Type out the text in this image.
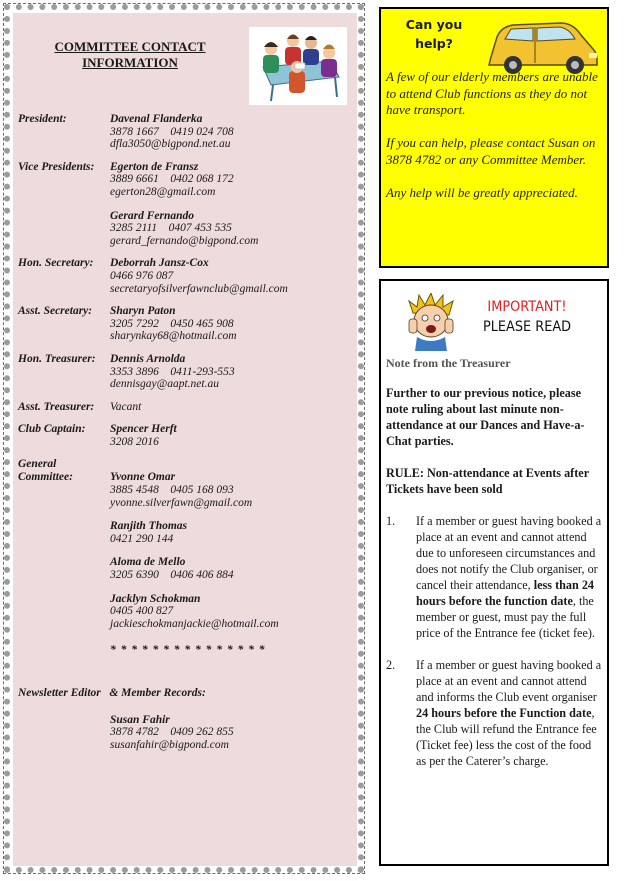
COMMITTEE CONTACT
INFORMATION
President:	Davenal Flanderka
3878 1667    0419 024 708
dfla3050@bigpond.net.au
Vice Presidents:	Egerton de Fransz
3889 6661    0402 068 172
egerton28@gmail.com
Gerard Fernando
3285 2111    0407 453 535
gerard_fernando@bigpond.com
Hon. Secretary:	Deborrah Jansz-Cox
0466 976 087
secretaryofsilverfawnclub@gmail.com
Asst. Secretary:	Sharyn Paton
3205 7292    0450 465 908
sharynkay68@hotmail.com
Hon. Treasurer:	Dennis Arnolda
3353 3896    0411-293-553
dennisgay@aapt.net.au
Asst. Treasurer:	Vacant
Club Captain:	Spencer Herft
3208 2016
General Committee:	Yvonne Omar
3885 4548    0405 168 093
yvonne.silverfawn@gmail.com
Ranjith Thomas
0421 290 144
Aloma de Mello
3205 6390    0406 406 884
Jacklyn Schokman
0405 400 827
jackieschokmanjackie@hotmail.com
* * * * * * * * * * * * * * *
Newsletter Editor   & Member Records:
Susan Fahir
3878 4782    0409 262 855
susanfahir@bigpond.com
Can you
help?

A few of our elderly members are unable to attend Club functions as they do not have transport.

If you can help, please contact Susan on 3878 4782 or any Committee Member.

Any help will be greatly appreciated.

IMPORTANT!
PLEASE READ
Note from the Treasurer
Further to our previous notice, please note ruling about last minute non-attendance at our Dances and Have-a-Chat parties.
RULE: Non-attendance at Events after Tickets have been sold
1.	If a member or guest having booked a place at an event and cannot attend due to unforeseen circumstances and does not notify the Club organiser, or cancel their attendance, less than 24 hours before the function date, the member or guest, must pay the full price of the Entrance fee (ticket fee).
2.	If a member or guest having booked a place at an event and cannot attend and informs the Club event organiser 24 hours before the Function date, the Club will refund the Entrance fee (Ticket fee) less the cost of the food as per the Caterer’s charge.
